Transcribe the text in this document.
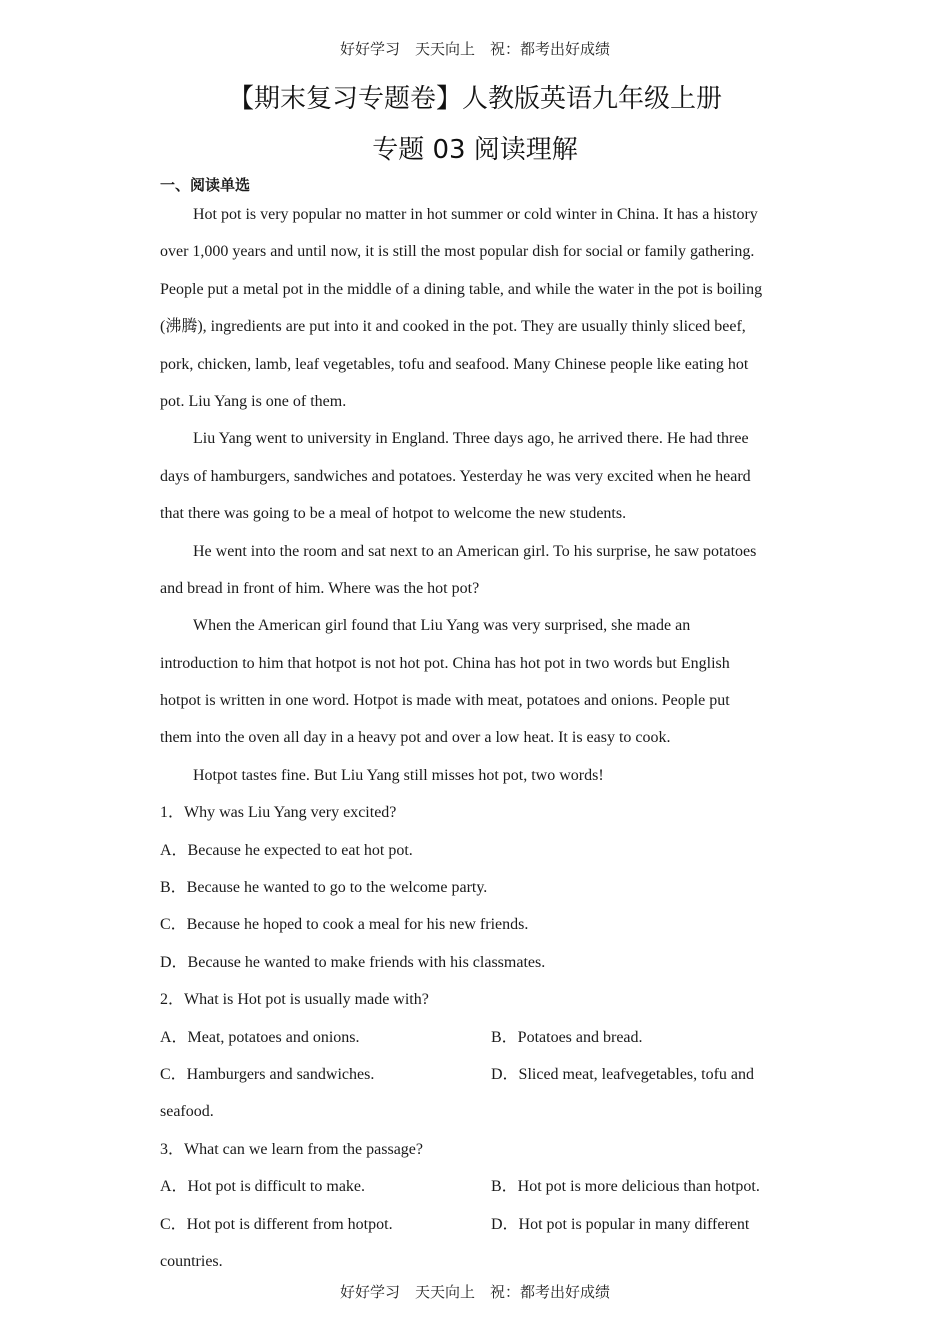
好好学习　天天向上　祝：都考出好成绩
【期末复习专题卷】人教版英语九年级上册
专题 03 阅读理解
一、阅读单选
Hot pot is very popular no matter in hot summer or cold winter in China. It has a history
over 1,000 years and until now, it is still the most popular dish for social or family gathering.
People put a metal pot in the middle of a dining table, and while the water in the pot is boiling
(沸腾), ingredients are put into it and cooked in the pot. They are usually thinly sliced beef,
pork, chicken, lamb, leaf vegetables, tofu and seafood. Many Chinese people like eating hot
pot. Liu Yang is one of them.
Liu Yang went to university in England. Three days ago, he arrived there. He had three
days of hamburgers, sandwiches and potatoes. Yesterday he was very excited when he heard
that there was going to be a meal of hotpot to welcome the new students.
He went into the room and sat next to an American girl. To his surprise, he saw potatoes
and bread in front of him. Where was the hot pot?
When the American girl found that Liu Yang was very surprised, she made an
introduction to him that hotpot is not hot pot. China has hot pot in two words but English
hotpot is written in one word. Hotpot is made with meat, potatoes and onions. People put
them into the oven all day in a heavy pot and over a low heat. It is easy to cook.
Hotpot tastes fine. But Liu Yang still misses hot pot, two words!
1．Why was Liu Yang very excited?
A．Because he expected to eat hot pot.
B．Because he wanted to go to the welcome party.
C．Because he hoped to cook a meal for his new friends.
D．Because he wanted to make friends with his classmates.
2．What is Hot pot is usually made with?
A．Meat, potatoes and onions.	B．Potatoes and bread.
C．Hamburgers and sandwiches.	D．Sliced meat, leafvegetables, tofu and
seafood.
3．What can we learn from the passage?
A．Hot pot is difficult to make.	B．Hot pot is more delicious than hotpot.
C．Hot pot is different from hotpot.	D．Hot pot is popular in many different
countries.
好好学习　天天向上　祝：都考出好成绩
